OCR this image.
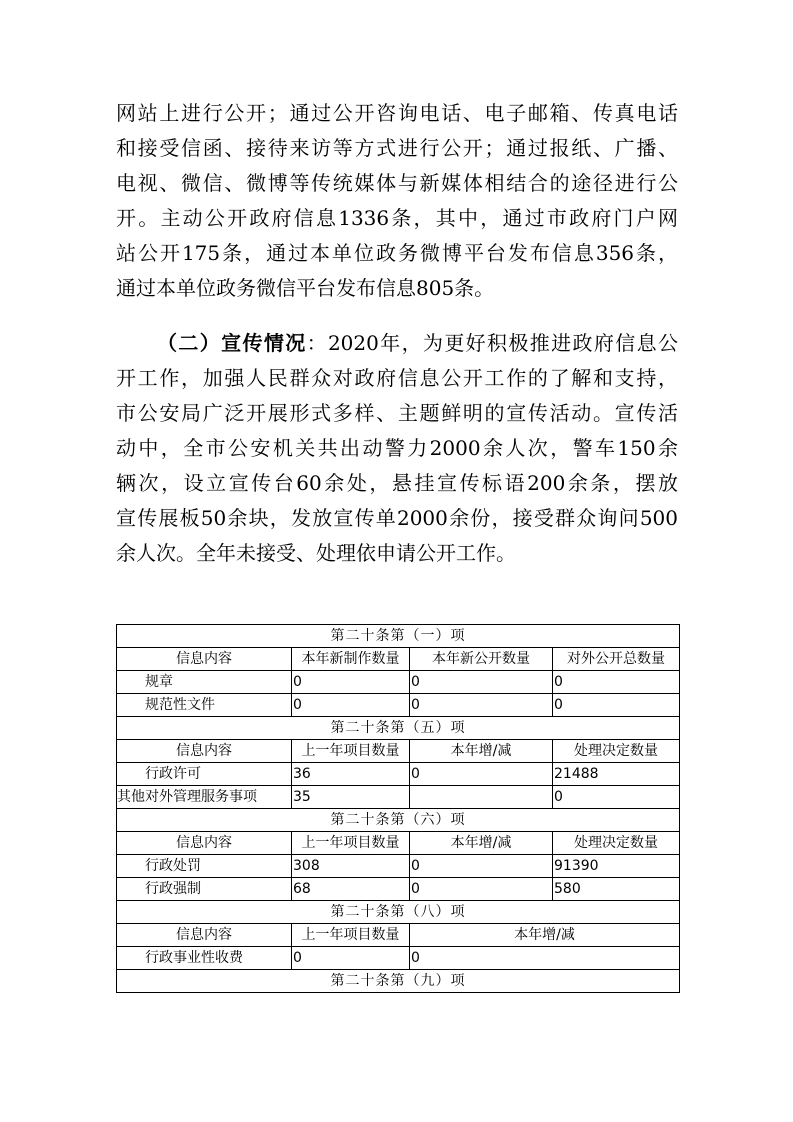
网站上进行公开；通过公开咨询电话、电子邮箱、传真电话
和接受信函、接待来访等方式进行公开；通过报纸、广播、
电视、微信、微博等传统媒体与新媒体相结合的途径进行公
开。主动公开政府信息1336条，其中，通过市政府门户网
站公开175条，通过本单位政务微博平台发布信息356条，
通过本单位政务微信平台发布信息805条。
（二）宣传情况：2020年，为更好积极推进政府信息公
开工作，加强人民群众对政府信息公开工作的了解和支持，
市公安局广泛开展形式多样、主题鲜明的宣传活动。宣传活
动中，全市公安机关共出动警力2000余人次，警车150余
辆次，设立宣传台60余处，悬挂宣传标语200余条，摆放
宣传展板50余块，发放宣传单2000余份，接受群众询问500
余人次。全年未接受、处理依申请公开工作。
第二十条第（一）项			
信息内容	本年新制作数量	本年新公开数量	对外公开总数量
规章	0	0	0
规范性文件	0	0	0
第二十条第（五）项			
信息内容	上一年项目数量	本年增/减	处理决定数量
行政许可	36	0	21488
其他对外管理服务事项	35		0
第二十条第（六）项			
信息内容	上一年项目数量	本年增/减	处理决定数量
行政处罚	308	0	91390
行政强制	68	0	580
第二十条第（八）项			
信息内容	上一年项目数量	本年增/减	
行政事业性收费	0	0	
第二十条第（九）项			
